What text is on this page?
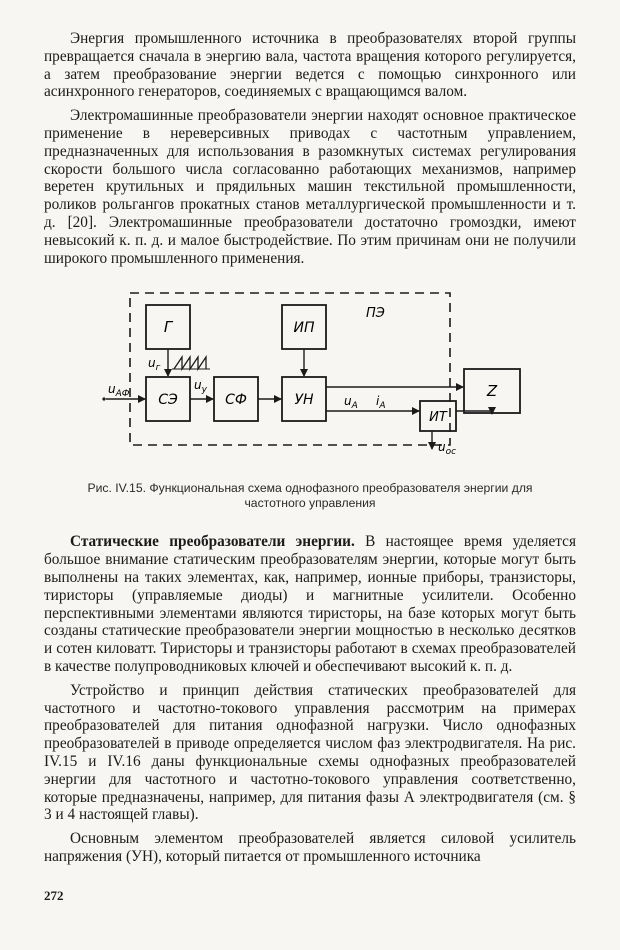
Энергия промышленного источника в преобразователях второй группы превращается сначала в энергию вала, частота вращения которого регулируется, а затем преобразование энергии ведется с помощью синхронного или асинхронного генераторов, соединяемых с вращающимся валом.

Электромашинные преобразователи энергии находят основное практическое применение в нереверсивных приводах с частотным управлением, предназначенных для использования в разомкнутых системах регулирования скорости большого числа согласованно работающих механизмов, например веретен крутильных и прядильных машин текстильной промышленности, роликов рольгангов прокатных станов металлургической промышленности и т. д. [20]. Электромашинные преобразователи достаточно громоздки, имеют невысокий к. п. д. и малое быстродействие. По этим причинам они не получили широкого промышленного применения.

ПЭ
Г	ИП
СЭ	СФ	УН
ИТ
Z
$u_{АФ}$
$u_г$
$u_у$
$u_А$ $i_А$
$u_{ос}$
Рис. IV.15. Функциональная схема однофазного преобразователя энергии для частотного управления

Статические преобразователи энергии. В настоящее время уделяется большое внимание статическим преобразователям энергии, которые могут быть выполнены на таких элементах, как, например, ионные приборы, транзисторы, тиристоры (управляемые диоды) и магнитные усилители. Особенно перспективными элементами являются тиристоры, на базе которых могут быть созданы статические преобразователи энергии мощностью в несколько десятков и сотен киловатт. Тиристоры и транзисторы работают в схемах преобразователей в качестве полупроводниковых ключей и обеспечивают высокий к. п. д.

Устройство и принцип действия статических преобразователей для частотного и частотно-токового управления рассмотрим на примерах преобразователей для питания однофазной нагрузки. Число однофазных преобразователей в приводе определяется числом фаз электродвигателя. На рис. IV.15 и IV.16 даны функциональные схемы однофазных преобразователей энергии для частотного и частотно-токового управления соответственно, которые предназначены, например, для питания фазы А электродвигателя (см. § 3 и 4 настоящей главы).

Основным элементом преобразователей является силовой усилитель напряжения (УН), который питается от промышленного источника

272
